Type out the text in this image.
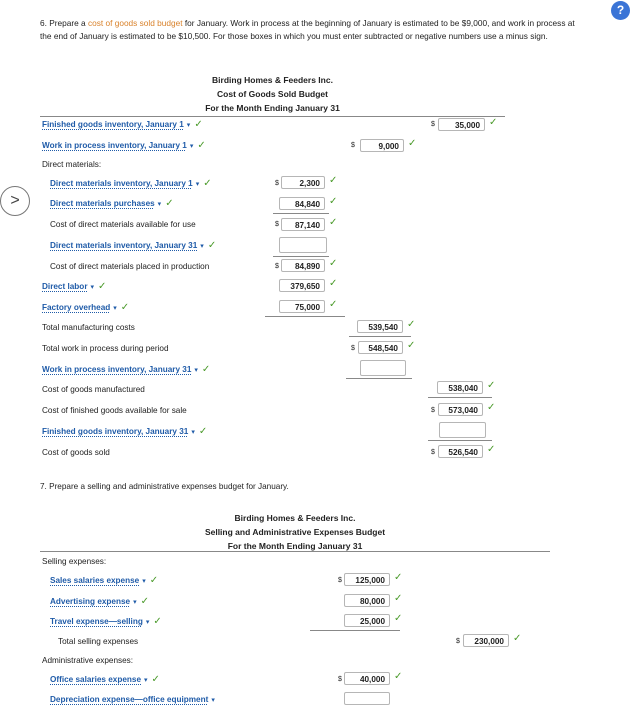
?
6. Prepare a cost of goods sold budget for January. Work in process at the beginning of January is estimated to be $9,000, and work in process at the end of January is estimated to be $10,500. For those boxes in which you must enter subtracted or negative numbers use a minus sign.
Birding Homes & Feeders Inc.
Cost of Goods Sold Budget
For the Month Ending January 31
>
Finished goods inventory, January 1 ▾ ✓	$	35,000 ✓
Work in process inventory, January 1 ▾ ✓	$	9,000 ✓
Direct materials:
Direct materials inventory, January 1 ▾ ✓	$	2,300 ✓
Direct materials purchases ▾ ✓	84,840 ✓
Cost of direct materials available for use	$	87,140 ✓
Direct materials inventory, January 31 ▾ ✓
Cost of direct materials placed in production	$	84,890 ✓
Direct labor ▾ ✓	379,650 ✓
Factory overhead ▾ ✓	75,000 ✓
Total manufacturing costs	539,540 ✓
Total work in process during period	$	548,540 ✓
Work in process inventory, January 31 ▾ ✓
Cost of goods manufactured	538,040 ✓
Cost of finished goods available for sale	$	573,040 ✓
Finished goods inventory, January 31 ▾ ✓
Cost of goods sold	$	526,540 ✓
7. Prepare a selling and administrative expenses budget for January.
Birding Homes & Feeders Inc.
Selling and Administrative Expenses Budget
For the Month Ending January 31
Selling expenses:
Sales salaries expense ▾ ✓	$	125,000 ✓
Advertising expense ▾ ✓	80,000 ✓
Travel expense—selling ▾ ✓	25,000 ✓
Total selling expenses	$	230,000 ✓
Administrative expenses:
Office salaries expense ▾ ✓	$	40,000 ✓
Depreciation expense—office equipment ▾
